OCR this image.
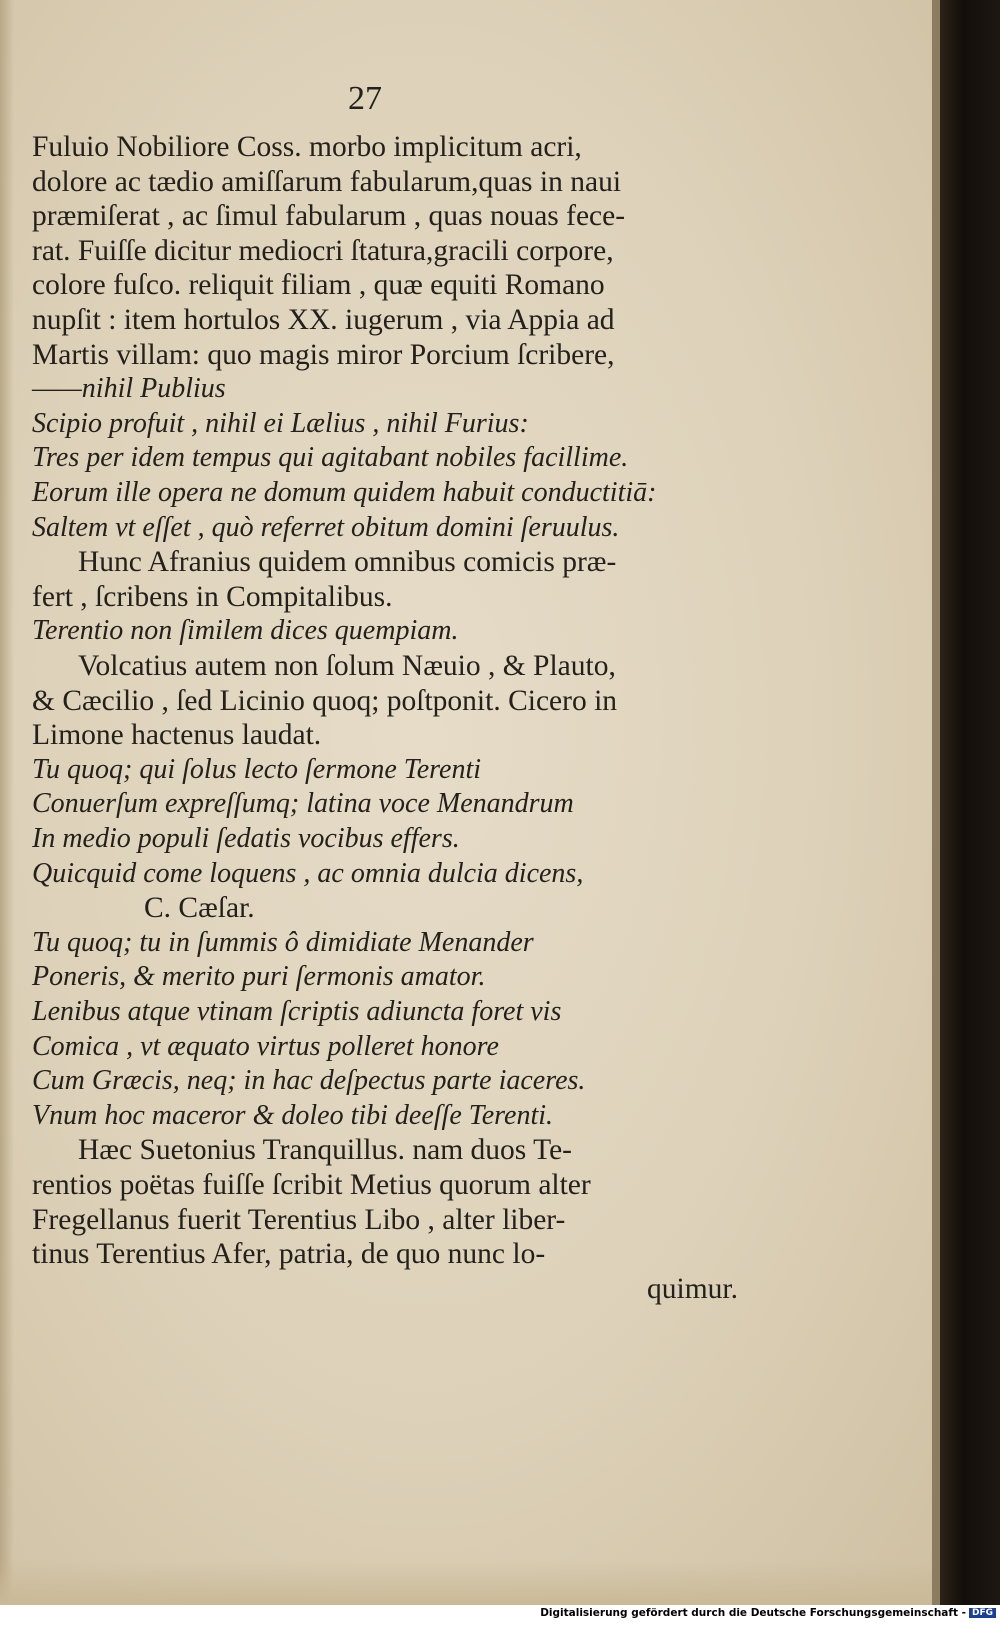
27
Fuluio Nobiliore Coss. morbo implicitum acri,
dolore ac tædio amiſſarum fabularum,quas in naui
præmiſerat , ac ſimul fabularum , quas nouas fece-
rat. Fuiſſe dicitur mediocri ſtatura,gracili corpore,
colore fuſco. reliquit filiam , quæ equiti Romano
nupſit : item hortulos XX. iugerum , via Appia ad
Martis villam: quo magis miror Porcium ſcribere,
——nihil Publius
Scipio profuit , nihil ei Lælius , nihil Furius:
Tres per idem tempus qui agitabant nobiles facillime.
Eorum ille opera ne domum quidem habuit conductitiā:
Saltem vt eſſet , quò referret obitum domini ſeruulus.
Hunc Afranius quidem omnibus comicis præ-
fert , ſcribens in Compitalibus.
Terentio non ſimilem dices quempiam.
Volcatius autem non ſolum Næuio , & Plauto,
& Cæcilio , ſed Licinio quoq; poſtponit. Cicero in
Limone hactenus laudat.
Tu quoq; qui ſolus lecto ſermone Terenti
Conuerſum expreſſumq; latina voce Menandrum
In medio populi ſedatis vocibus effers.
Quicquid come loquens , ac omnia dulcia dicens,
C. Cæſar.
Tu quoq; tu in ſummis ô dimidiate Menander
Poneris, & merito puri ſermonis amator.
Lenibus atque vtinam ſcriptis adiuncta foret vis
Comica , vt æquato virtus polleret honore
Cum Græcis, neq; in hac deſpectus parte iaceres.
Vnum hoc maceror & doleo tibi deeſſe Terenti.
Hæc Suetonius Tranquillus. nam duos Te-
rentios poëtas fuiſſe ſcribit Metius quorum alter
Fregellanus fuerit Terentius Libo , alter liber-
tinus Terentius Afer, patria, de quo nunc lo-
quimur.
Digitalisierung gefördert durch die Deutsche Forschungsgemeinschaft - DFG
